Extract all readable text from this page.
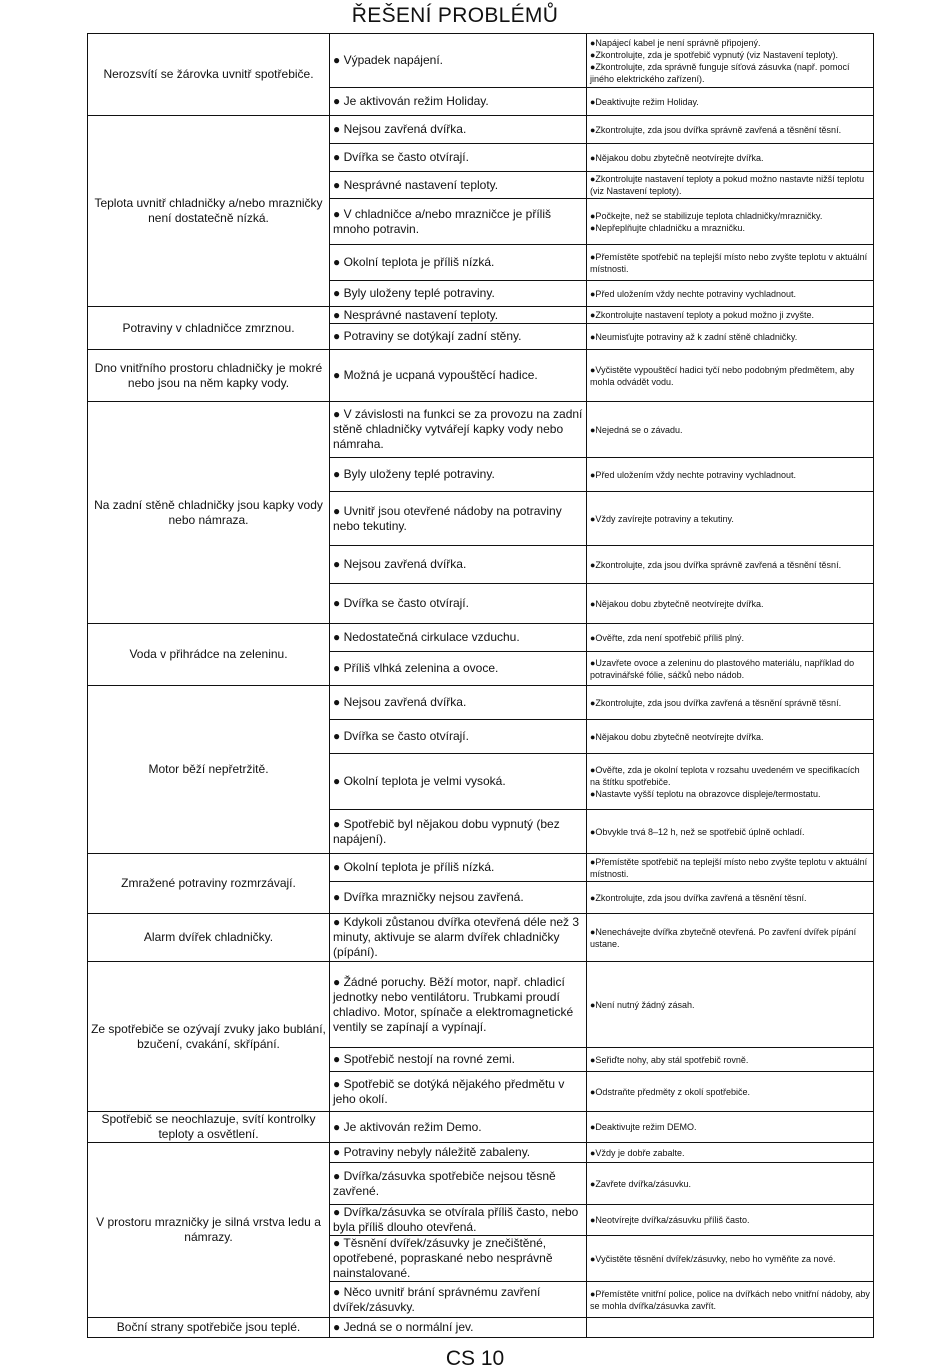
ŘEŠENÍ PROBLÉMŮ
Nerozsvítí se žárovka uvnitř spotřebiče.	● Výpadek napájení.	●Napájecí kabel je není správně připojený.
●Zkontrolujte, zda je spotřebič vypnutý (viz Nastavení teploty).
●Zkontrolujte, zda správně funguje síťová zásuvka (např. pomocí jiného elektrického zařízení).

	● Je aktivován režim Holiday.	●Deaktivujte režim Holiday.

Teplota uvnitř chladničky a/nebo mrazničky není dostatečně nízká.	● Nejsou zavřená dvířka.	●Zkontrolujte, zda jsou dvířka správně zavřená a těsnění těsní.

	● Dvířka se často otvírají.	●Nějakou dobu zbytečně neotvírejte dvířka.

	● Nesprávné nastavení teploty.	●Zkontrolujte nastavení teploty a pokud možno nastavte nižší teplotu (viz Nastavení teploty).

	● V chladničce a/nebo mrazničce je příliš mnoho potravin.	●Počkejte, než se stabilizuje teplota chladničky/mrazničky.
●Nepřeplňujte chladničku a mrazničku.

	● Okolní teplota je příliš nízká.	●Přemístěte spotřebič na teplejší místo nebo zvyšte teplotu v aktuální místnosti.

	● Byly uloženy teplé potraviny.	●Před uložením vždy nechte potraviny vychladnout.

Potraviny v chladničce zmrznou.	● Nesprávné nastavení teploty.	●Zkontrolujte nastavení teploty a pokud možno ji zvyšte.

	● Potraviny se dotýkají zadní stěny.	●Neumisťujte potraviny až k zadní stěně chladničky.

Dno vnitřního prostoru chladničky je mokré nebo jsou na něm kapky vody.	● Možná je ucpaná vypouštěcí hadice.	●Vyčistěte vypouštěcí hadici tyčí nebo podobným předmětem, aby mohla odvádět vodu.

Na zadní stěně chladničky jsou kapky vody nebo námraza.	● V závislosti na funkci se za provozu na zadní stěně chladničky vytvářejí kapky vody nebo námraha.	●Nejedná se o závadu.

	● Byly uloženy teplé potraviny.	●Před uložením vždy nechte potraviny vychladnout.

	● Uvnitř jsou otevřené nádoby na potraviny nebo tekutiny.	●Vždy zavírejte potraviny a tekutiny.

	● Nejsou zavřená dvířka.	●Zkontrolujte, zda jsou dvířka správně zavřená a těsnění těsní.

	● Dvířka se často otvírají.	●Nějakou dobu zbytečně neotvírejte dvířka.

Voda v přihrádce na zeleninu.	● Nedostatečná cirkulace vzduchu.	●Ověřte, zda není spotřebič příliš plný.

	● Příliš vlhká zelenina a ovoce.	●Uzavřete ovoce a zeleninu do plastového materiálu, například do potravinářské fólie, sáčků nebo nádob.

Motor běží nepřetržitě.	● Nejsou zavřená dvířka.	●Zkontrolujte, zda jsou dvířka zavřená a těsnění správně těsní.

	● Dvířka se často otvírají.	●Nějakou dobu zbytečně neotvírejte dvířka.

	● Okolní teplota je velmi vysoká.	●Ověřte, zda je okolní teplota v rozsahu uvedeném ve specifikacích na štítku spotřebiče.
●Nastavte vyšší teplotu na obrazovce displeje/termostatu.

	● Spotřebič byl nějakou dobu vypnutý (bez napájení).	●Obvykle trvá 8–12 h, než se spotřebič úplně ochladí.

Zmražené potraviny rozmrzávají.	● Okolní teplota je příliš nízká.	●Přemístěte spotřebič na teplejší místo nebo zvyšte teplotu v aktuální místnosti.

	● Dvířka mrazničky nejsou zavřená.	●Zkontrolujte, zda jsou dvířka zavřená a těsnění těsní.

Alarm dvířek chladničky.	● Kdykoli zůstanou dvířka otevřená déle než 3 minuty, aktivuje se alarm dvířek chladničky (pípání).	●Nenechávejte dvířka zbytečně otevřená. Po zavření dvířek pípání ustane.

Ze spotřebiče se ozývají zvuky jako bublání, bzučení, cvakání, skřípání.	● Žádné poruchy. Běží motor, např. chladicí jednotky nebo ventilátoru. Trubkami proudí chladivo. Motor, spínače a elektromagnetické ventily se zapínají a vypínají.	●Není nutný žádný zásah.

	● Spotřebič nestojí na rovné zemi.	●Seřiďte nohy, aby stál spotřebič rovně.

	● Spotřebič se dotýká nějakého předmětu v jeho okolí.	●Odstraňte předměty z okolí spotřebiče.

Spotřebič se neochlazuje, svítí kontrolky teploty a osvětlení.	● Je aktivován režim Demo.	●Deaktivujte režim DEMO.

V prostoru mrazničky je silná vrstva ledu a námrazy.	● Potraviny nebyly náležitě zabaleny.	●Vždy je dobře zabalte.

	● Dvířka/zásuvka spotřebiče nejsou těsně zavřené.	●Zavřete dvířka/zásuvku.

	● Dvířka/zásuvka se otvírala příliš často, nebo byla příliš dlouho otevřená.	●Neotvírejte dvířka/zásuvku příliš často.

	● Těsnění dvířek/zásuvky je znečištěné, opotřebené, popraskané nebo nesprávně nainstalované.	●Vyčistěte těsnění dvířek/zásuvky, nebo ho vyměňte za nové.

	● Něco uvnitř brání správnému zavření dvířek/zásuvky.	●Přemístěte vnitřní police, police na dvířkách nebo vnitřní nádoby, aby se mohla dvířka/zásuvka zavřít.

Boční strany spotřebiče jsou teplé.	● Jedná se o normální jev.	

CS 10
